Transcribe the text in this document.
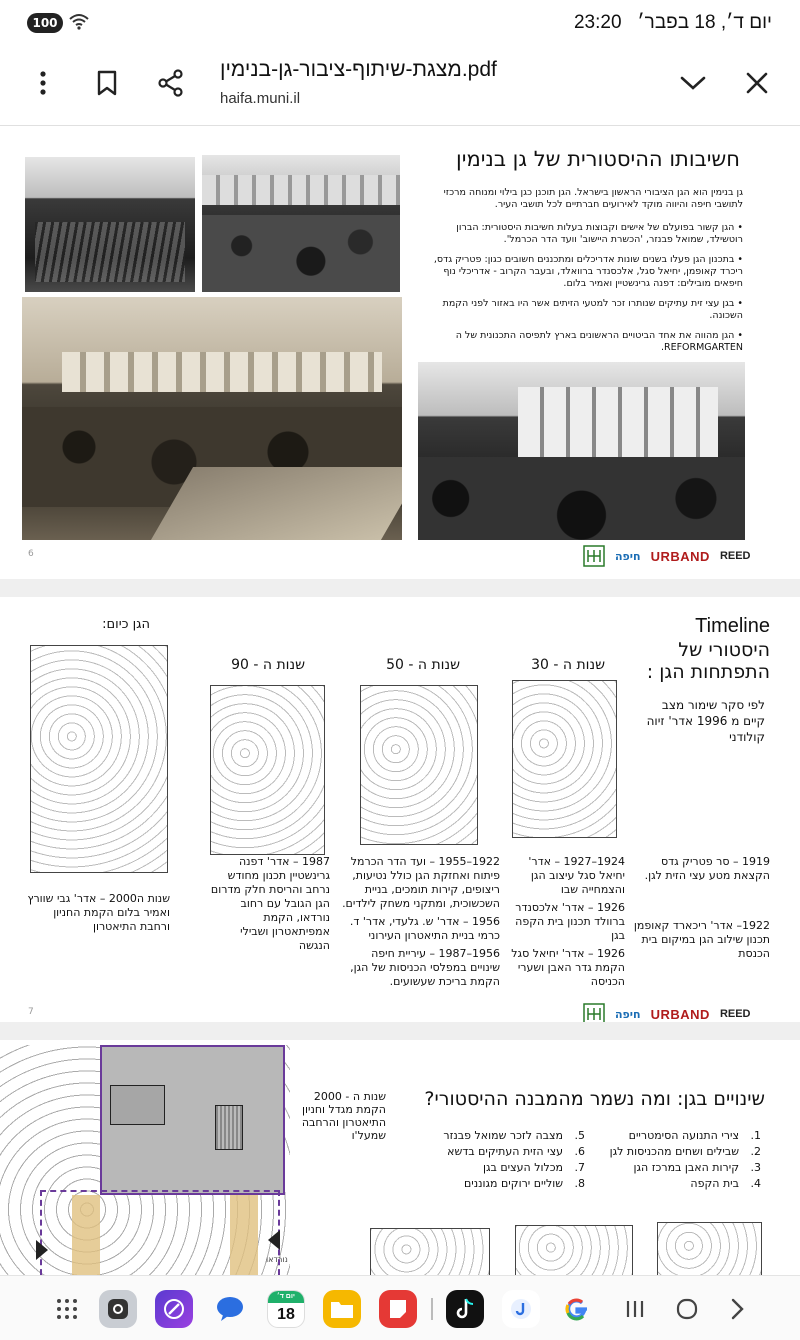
100	יום ד׳, 18 בפבר׳   23:20
מצגת-שיתוף-ציבור-גן-בנימין.pdf
haifa.muni.il
חשיבותו ההיסטורית של גן בנימין
גן בנימין הוא הגן הציבורי הראשון בישראל. הגן תוכנן כגן בילוי ומנוחה מרכזי לתושבי חיפה והיווה מוקד לאירועים חברתיים לכל תושבי העיר.
• הגן קשור בפועלם של אישים וקבוצות בעלות חשיבות היסטורית: הברון רוטשילד, שמואל פבנזר, 'הכשרת היישוב' וועד הדר הכרמל'.
• בתכנון הגן פעלו בשנים שונות אדריכלים ומתכננים חשובים כגון: פטריק גדס, ריכרד קאופמן, יחיאל סגל, אלכסנדר ברוואלד, ובעבר הקרוב - אדריכלי נוף חיפאים מובילים: דפנה גרינשטיין ואמיר בלום.
• בגן עצי זית עתיקים שנותרו זכר למטעי הזיתים אשר היו באזור לפני הקמת השכונה.
• הגן מהווה את אחד הביטויים הראשונים בארץ לתפיסה התכנונית של ה REFORMGARTEN.
6	חיפה URBAND REED
Timeline
היסטורי של התפתחות הגן :
לפי סקר שימור מצב קיים מ 1996 אדר' זיוה קולודני
הגן כיום:
שנות ה - 30
שנות ה - 50
שנות ה - 90
1919 – סר פטריק גדס הקצאת מטע עצי הזית לגן.
1922– אדר' ריכארד קאופמן תכנון שילוב הגן במיקום בית הכנסת
1924–1927 – אדר' יחיאל סגל עיצוב הגן והצמחייה שבו
1926 – אדר' אלכסנדר ברוולד תכנון בית הקפה בגן
1926 – אדר' יחיאל סגל הקמת גדר האבן ושערי הכניסה
1922–1955 – ועד הדר הכרמל פיתוח ואחזקת הגן כולל נטיעות, ריצופים, קירות תומכים, בניית השכשוכית, ומתקני משחק לילדים.
1956 – אדר' ש. גלעדי, אדר' ד. כרמי בניית התיאטרון העירוני
1956–1987 – עיריית חיפה שינויים במפלסי הכניסות של הגן, הקמת בריכת שעשועים.
1987 – אדר' דפנה גרינשטיין תכנון מחודש נרחב והריסת חלק מדרום הגן הגובל עם רחוב נורדאו, הקמת אמפיתאטרון ושבילי הנגשה
שנות ה2000 – אדר' גבי שוורץ ואמיר בלום הקמת החניון ורחבת התיאטרון
7	חיפה URBAND REED
נורדאו
שנות ה - 2000 הקמת מגדל וחניון התיאטרון והרחבה שמעל'ו
שינויים בגן: ומה נשמר מהמבנה ההיסטורי?
1.צירי התנועה הסימטריים
2.שבילים ושחים מהכניסות לגן
3.קירות האבן במרכז הגן
4.בית הקפה
5.מצבה לזכר שמואל פבנזר
6.עצי הזית העתיקים בדשא
7.מכלול העצים בגן
8.שוליים ירוקים מגוננים
יום ד׳
18
